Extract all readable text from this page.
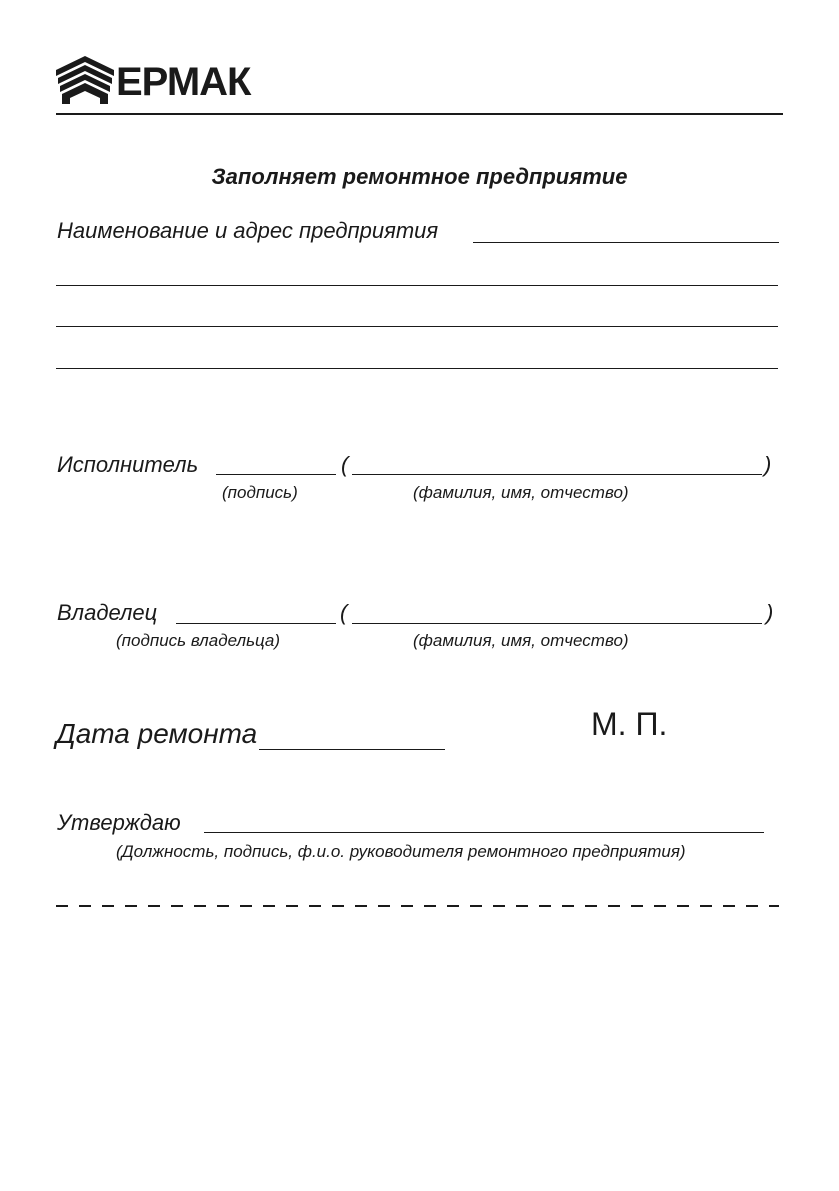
ЕРМАК
Заполняет ремонтное предприятие
Наименование и адрес предприятия
Исполнитель	(	)
(подпись)	(фамилия, имя, отчество)
Владелец	(	)
(подпись владельца)	(фамилия, имя, отчество)
Дата ремонта	М. П.
Утверждаю
(Должность, подпись, ф.и.о. руководителя ремонтного предприятия)
